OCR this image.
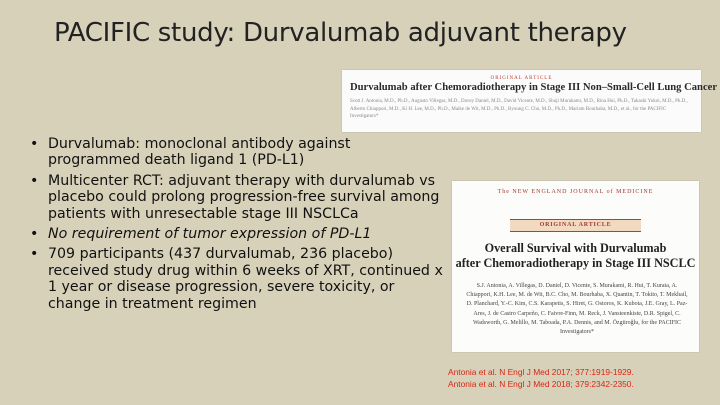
PACIFIC study: Durvalumab adjuvant therapy
• Durvalumab: monoclonal antibody against programmed death ligand 1 (PD-L1)
• Multicenter RCT: adjuvant therapy with durvalumab vs placebo could prolong progression-free survival among patients with unresectable stage III NSCLCa
• No requirement of tumor expression of PD-L1
• 709 participants (437 durvalumab, 236 placebo) received study drug within 6 weeks of XRT, continued x 1 year or disease progression, severe toxicity, or change in treatment regimen
ORIGINAL ARTICLE
Durvalumab after Chemoradiotherapy in Stage III Non–Small-Cell Lung Cancer
Scott J. Antonia, M.D., Ph.D., Augusto Villegas, M.D., Davey Daniel, M.D., David Vicente, M.D., Shuji Murakami, M.D., Rina Hui, Ph.D., Takashi Yokoi, M.D., Ph.D., Alberto Chiappori, M.D., Ki H. Lee, M.D., Ph.D., Maike de Wit, M.D., Ph.D., Byoung C. Cho, M.D., Ph.D., Mariam Bourhaba, M.D., et al., for the PACIFIC Investigators*
The NEW ENGLAND JOURNAL of MEDICINE
ORIGINAL ARTICLE
Overall Survival with Durvalumab
after Chemoradiotherapy in Stage III NSCLC
S.J. Antonia, A. Villegas, D. Daniel, D. Vicente, S. Murakami, R. Hui, T. Kurata, A. Chiappori, K.H. Lee, M. de Wit, B.C. Cho, M. Bourhaba, X. Quantin, T. Tokito, T. Mekhail, D. Planchard, Y.-C. Kim, C.S. Karapetis, S. Hiret, G. Ostoros, K. Kubota, J.E. Gray, L. Paz-Ares, J. de Castro Carpeño, C. Faivre-Finn, M. Reck, J. Vansteenkiste, D.R. Spigel, C. Wadsworth, G. Melillo, M. Taboada, P.A. Dennis, and M. Özgüroğlu, for the PACIFIC Investigators*
Antonia et al. N Engl J Med 2017; 377:1919-1929.
Antonia et al. N Engl J Med 2018; 379:2342-2350.
